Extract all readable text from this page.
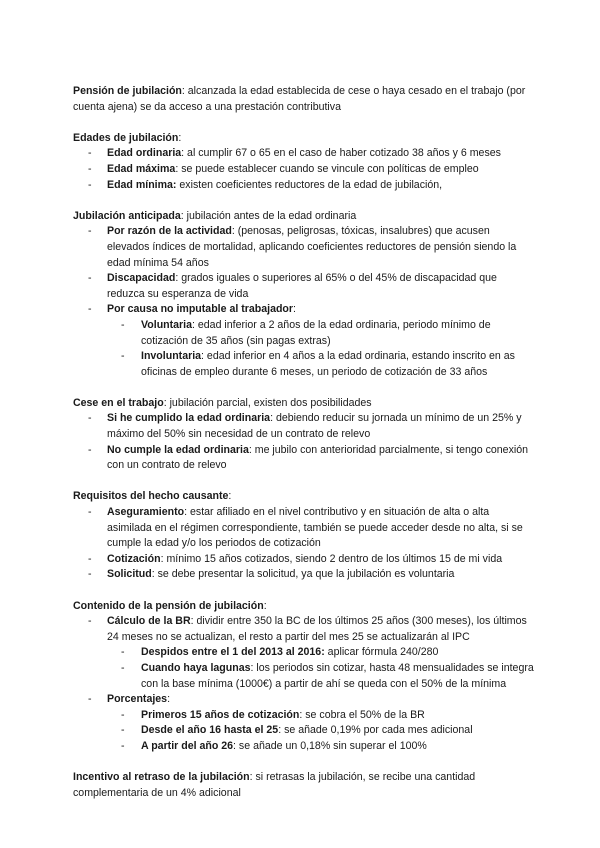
Pensión de jubilación: alcanzada la edad establecida de cese o haya cesado en el trabajo (por cuenta ajena) se da acceso a una prestación contributiva

Edades de jubilación:

- Edad ordinaria: al cumplir 67 o 65 en el caso de haber cotizado 38 años y 6 meses
- Edad máxima: se puede establecer cuando se vincule con políticas de empleo
- Edad mínima: existen coeficientes reductores de la edad de jubilación,

Jubilación anticipada: jubilación antes de la edad ordinaria

- Por razón de la actividad: (penosas, peligrosas, tóxicas, insalubres) que acusen elevados índices de mortalidad, aplicando coeficientes reductores de pensión siendo la edad mínima 54 años
- Discapacidad: grados iguales o superiores al 65% o del 45% de discapacidad que reduzca su esperanza de vida
- Por causa no imputable al trabajador:
- Voluntaria: edad inferior a 2 años de la edad ordinaria, periodo mínimo de cotización de 35 años (sin pagas extras)
- Involuntaria: edad inferior en 4 años a la edad ordinaria, estando inscrito en as oficinas de empleo durante 6 meses, un periodo de cotización de 33 años

Cese en el trabajo: jubilación parcial, existen dos posibilidades

- Si he cumplido la edad ordinaria: debiendo reducir su jornada un mínimo de un 25% y máximo del 50% sin necesidad de un contrato de relevo
- No cumple la edad ordinaria: me jubilo con anterioridad parcialmente, si tengo conexión con un contrato de relevo

Requisitos del hecho causante:

- Aseguramiento: estar afiliado en el nivel contributivo y en situación de alta o alta asimilada en el régimen correspondiente, también se puede acceder desde no alta, si se cumple la edad y/o los periodos de cotización
- Cotización: mínimo 15 años cotizados, siendo 2 dentro de los últimos 15 de mi vida
- Solicitud: se debe presentar la solicitud, ya que la jubilación es voluntaria

Contenido de la pensión de jubilación:

- Cálculo de la BR: dividir entre 350 la BC de los últimos 25 años (300 meses), los últimos 24 meses no se actualizan, el resto a partir del mes 25 se actualizarán al IPC
- Despidos entre el 1 del 2013 al 2016: aplicar fórmula 240/280
- Cuando haya lagunas: los periodos sin cotizar, hasta 48 mensualidades se integra con la base mínima (1000€) a partir de ahí se queda con el 50% de la mínima
- Porcentajes:
- Primeros 15 años de cotización: se cobra el 50% de la BR
- Desde el año 16 hasta el 25: se añade 0,19% por cada mes adicional
- A partir del año 26: se añade un 0,18% sin superar el 100%

Incentivo al retraso de la jubilación: si retrasas la jubilación, se recibe una cantidad complementaria de un 4% adicional
